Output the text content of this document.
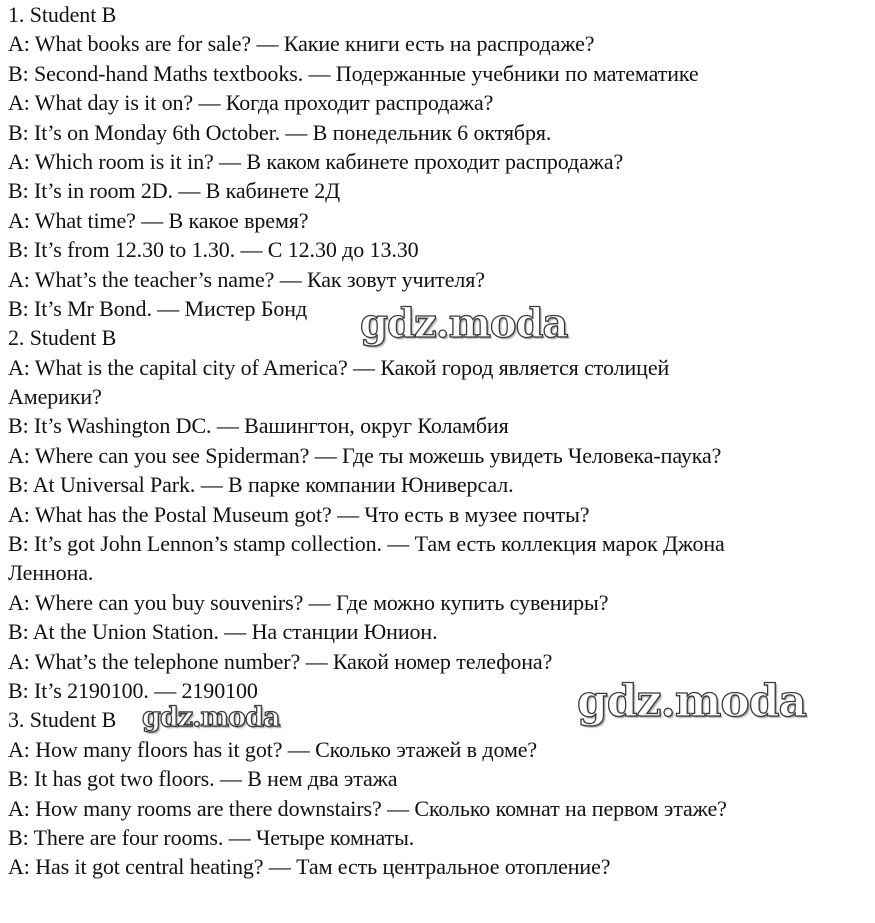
1. Student B
A: What books are for sale? — Какие книги есть на распродаже?
B: Second-hand Maths textbooks. — Подержанные учебники по математике
A: What day is it on? — Когда проходит распродажа?
B: It’s on Monday 6th October. — В понедельник 6 октября.
A: Which room is it in? — В каком кабинете проходит распродажа?
B: It’s in room 2D. — В кабинете 2Д
A: What time? — В какое время?
B: It’s from 12.30 to 1.30. — С 12.30 до 13.30
A: What’s the teacher’s name? — Как зовут учителя?
B: It’s Mr Bond. — Мистер Бонд
2. Student B
A: What is the capital city of America? — Какой город является столицей
Америки?
B: It’s Washington DC. — Вашингтон, округ Коламбия
A: Where can you see Spiderman? — Где ты можешь увидеть Человека-паука?
B: At Universal Park. — В парке компании Юниверсал.
A: What has the Postal Museum got? — Что есть в музее почты?
B: It’s got John Lennon’s stamp collection. — Там есть коллекция марок Джона
Леннона.
A: Where can you buy souvenirs? — Где можно купить сувениры?
B: At the Union Station. — На станции Юнион.
A: What’s the telephone number? — Какой номер телефона?
B: It’s 2190100. — 2190100
3. Student B
A: How many floors has it got? — Сколько этажей в доме?
B: It has got two floors. — В нем два этажа
A: How many rooms are there downstairs? — Сколько комнат на первом этаже?
B: There are four rooms. — Четыре комнаты.
A: Has it got central heating? — Там есть центральное отопление?
gdz.moda
gdz.moda	gdz.moda
